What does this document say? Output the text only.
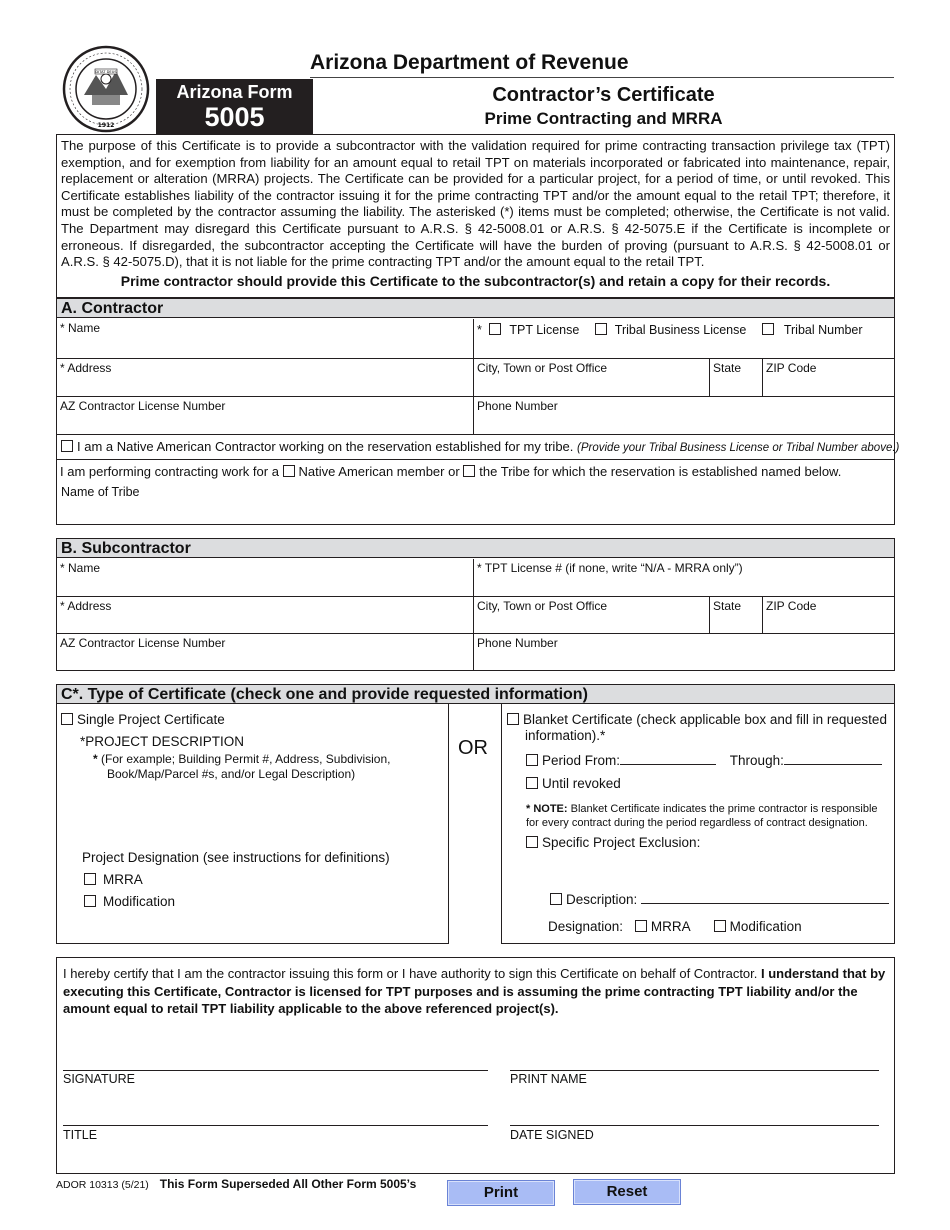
DITAT DEUS
1912
Arizona Department of Revenue
Arizona Form
5005
Contractor’s Certificate
Prime Contracting and MRRA
The purpose of this Certificate is to provide a subcontractor with the validation required for prime contracting transaction privilege tax (TPT) exemption, and for exemption from liability for an amount equal to retail TPT on materials incorporated or fabricated into maintenance, repair, replacement or alteration (MRRA) projects. The Certificate can be provided for a particular project, for a period of time, or until revoked. This Certificate establishes liability of the contractor issuing it for the prime contracting TPT and/or the amount equal to the retail TPT; therefore, it must be completed by the contractor assuming the liability. The asterisked (*) items must be completed; otherwise, the Certificate is not valid. The Department may disregard this Certificate pursuant to A.R.S. § 42-5008.01 or A.R.S. § 42-5075.E if the Certificate is incomplete or erroneous. If disregarded, the subcontractor accepting the Certificate will have the burden of proving (pursuant to A.R.S. § 42-5008.01 or A.R.S. § 42-5075.D), that it is not liable for the prime contracting TPT and/or the amount equal to the retail TPT.
Prime contractor should provide this Certificate to the subcontractor(s) and retain a copy for their records.
A. Contractor
* Name	* TPT License	Tribal Business License	Tribal Number
* Address	City, Town or Post Office	State ZIP Code
AZ Contractor License Number	Phone Number
I am a Native American Contractor working on the reservation established for my tribe. (Provide your Tribal Business License or Tribal Number above.)
I am performing contracting work for a Native American member or the Tribe for which the reservation is established named below.
Name of Tribe
B. Subcontractor
* Name	* TPT License # (if none, write “N/A - MRRA only”)
* Address	City, Town or Post Office	State ZIP Code
AZ Contractor License Number	Phone Number
C*. Type of Certificate (check one and provide requested information)
Single Project Certificate
*PROJECT DESCRIPTION
* (For example; Building Permit #, Address, Subdivision,
Book/Map/Parcel #s, and/or Legal Description)
Project Designation (see instructions for definitions)
MRRA
Modification
OR
Blanket Certificate (check applicable box and fill in requested
information).*
Period From:	Through:
Until revoked
* NOTE: Blanket Certificate indicates the prime contractor is responsible
for every contract during the period regardless of contract designation.
Specific Project Exclusion:
Description:
Designation: MRRA	Modification
I hereby certify that I am the contractor issuing this form or I have authority to sign this Certificate on behalf of Contractor. I understand that by executing this Certificate, Contractor is licensed for TPT purposes and is assuming the prime contracting TPT liability and/or the amount equal to retail TPT liability applicable to the above referenced project(s).
SIGNATURE	PRINT NAME
TITLE	DATE SIGNED
ADOR 10313 (5/21) This Form Superseded All Other Form 5005’s	Print	Reset
